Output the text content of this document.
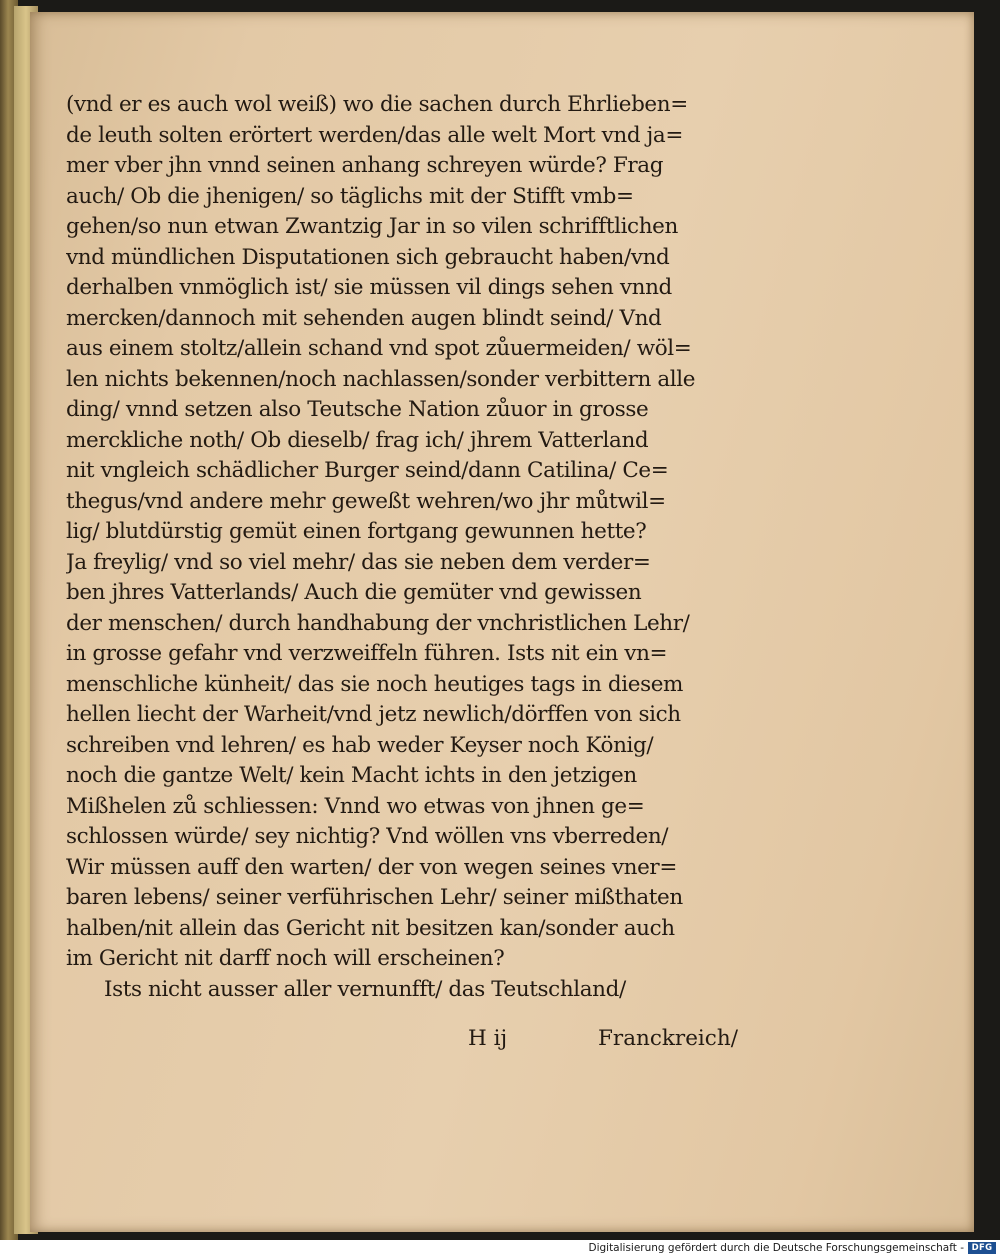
(vnd er es auch wol weiß) wo die sachen durch Ehrlieben=
de leuth solten erörtert werden/das alle welt Mort vnd ja=
mer vber jhn vnnd seinen anhang schreyen würde? Frag
auch/ Ob die jhenigen/ so täglichs mit der Stifft vmb=
gehen/so nun etwan Zwantzig Jar in so vilen schrifftlichen
vnd mündlichen Disputationen sich gebraucht haben/vnd
derhalben vnmöglich ist/ sie müssen vil dings sehen vnnd
mercken/dannoch mit sehenden augen blindt seind/ Vnd
aus einem stoltz/allein schand vnd spot zůuermeiden/ wöl=
len nichts bekennen/noch nachlassen/sonder verbittern alle
ding/ vnnd setzen also Teutsche Nation zůuor in grosse
merckliche noth/ Ob dieselb/ frag ich/ jhrem Vatterland
nit vngleich schädlicher Burger seind/dann Catilina/ Ce=
thegus/vnd andere mehr geweßt wehren/wo jhr můtwil=
lig/ blutdürstig gemüt einen fortgang gewunnen hette?
Ja freylig/ vnd so viel mehr/ das sie neben dem verder=
ben jhres Vatterlands/ Auch die gemüter vnd gewissen
der menschen/ durch handhabung der vnchristlichen Lehr/
in grosse gefahr vnd verzweiffeln führen. Ists nit ein vn=
menschliche künheit/ das sie noch heutiges tags in diesem
hellen liecht der Warheit/vnd jetz newlich/dörffen von sich
schreiben vnd lehren/ es hab weder Keyser noch König/
noch die gantze Welt/ kein Macht ichts in den jetzigen
Mißhelen zů schliessen: Vnnd wo etwas von jhnen ge=
schlossen würde/ sey nichtig? Vnd wöllen vns vberreden/
Wir müssen auff den warten/ der von wegen seines vner=
baren lebens/ seiner verführischen Lehr/ seiner mißthaten
halben/nit allein das Gericht nit besitzen kan/sonder auch
im Gericht nit darff noch will erscheinen?
Ists nicht ausser aller vernunfft/ das Teutschland/
H ij	Franckreich/
Digitalisierung gefördert durch die Deutsche Forschungsgemeinschaft - DFG
